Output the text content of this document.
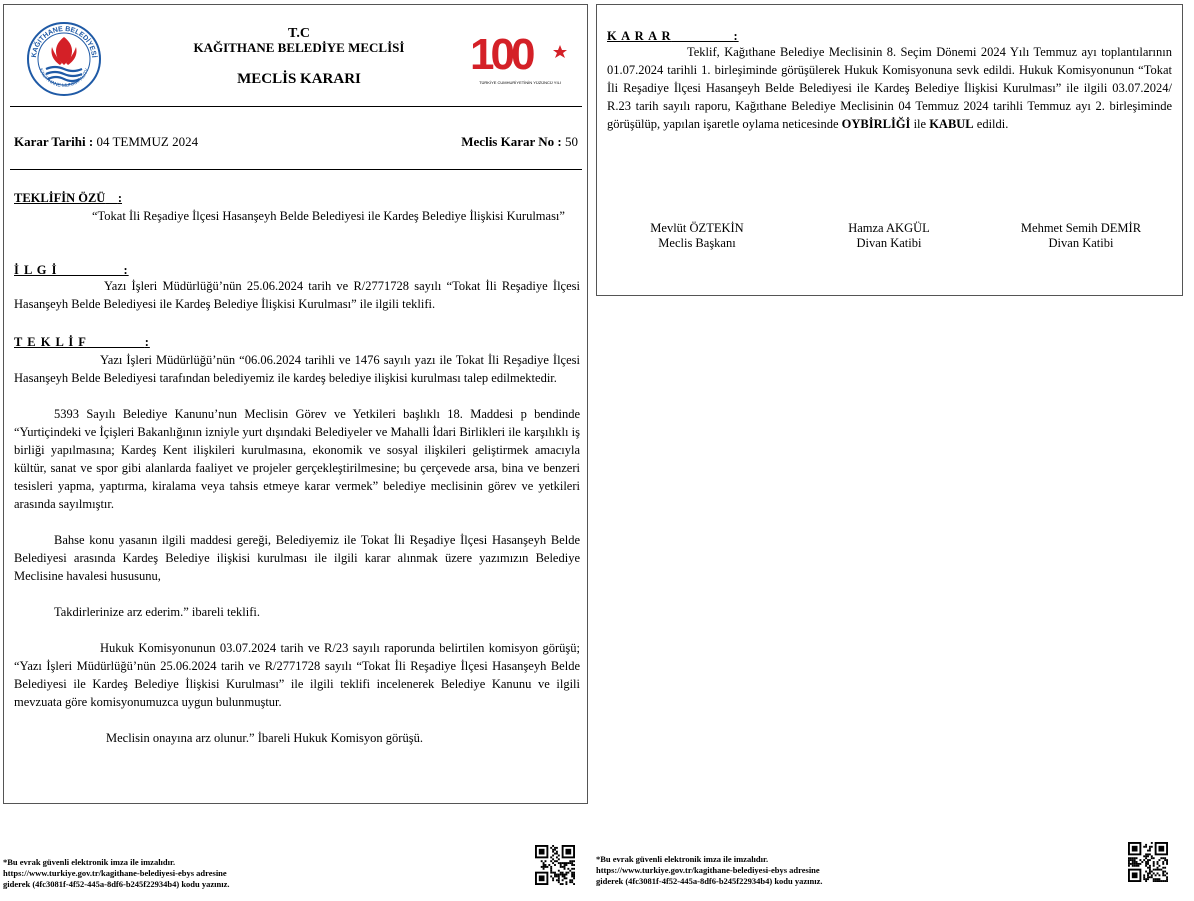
KAĞITHANE BELEDİYESİ
KAĞITHANE MUNICIPALITY
T.C
KAĞITHANE BELEDİYE MECLİSİ
MECLİS KARARI	100
TÜRKİYE CUMHURİYETİNİN YÜZÜNCÜ YILI
Karar Tarihi : 04 TEMMUZ 2024	Meclis Karar No : 50

TEKLİFİN ÖZÜ :

“Tokat İli Reşadiye İlçesi Hasanşeyh Belde Belediyesi ile Kardeş Belediye İlişkisi Kurulması”

İ L G İ	:

Yazı İşleri Müdürlüğü’nün 25.06.2024 tarih ve R/2771728 sayılı “Tokat İli Reşadiye İlçesi Hasanşeyh Belde Belediyesi ile Kardeş Belediye İlişkisi Kurulması” ile ilgili teklifi.

T E K L İ F	:

Yazı İşleri Müdürlüğü’nün “06.06.2024 tarihli ve 1476 sayılı yazı ile Tokat İli Reşadiye İlçesi Hasanşeyh Belde Belediyesi tarafından belediyemiz ile kardeş belediye ilişkisi kurulması talep edilmektedir.

5393 Sayılı Belediye Kanunu’nun Meclisin Görev ve Yetkileri başlıklı 18. Maddesi p bendinde “Yurtiçindeki ve İçişleri Bakanlığının izniyle yurt dışındaki Belediyeler ve Mahalli İdari Birlikleri ile karşılıklı iş birliği yapılmasına; Kardeş Kent ilişkileri kurulmasına, ekonomik ve sosyal ilişkileri geliştirmek amacıyla kültür, sanat ve spor gibi alanlarda faaliyet ve projeler gerçekleştirilmesine; bu çerçevede arsa, bina ve benzeri tesisleri yapma, yaptırma, kiralama veya tahsis etmeye karar vermek” belediye meclisinin görev ve yetkileri arasında sayılmıştır.

Bahse konu yasanın ilgili maddesi gereği, Belediyemiz ile Tokat İli Reşadiye İlçesi Hasanşeyh Belde Belediyesi arasında Kardeş Belediye ilişkisi kurulması ile ilgili karar alınmak üzere yazımızın Belediye Meclisine havalesi hususunu,

Takdirlerinize arz ederim.” ibareli teklifi.

Hukuk Komisyonunun 03.07.2024 tarih ve R/23 sayılı raporunda belirtilen komisyon görüşü; “Yazı İşleri Müdürlüğü’nün 25.06.2024 tarih ve R/2771728 sayılı “Tokat İli Reşadiye İlçesi Hasanşeyh Belde Belediyesi ile Kardeş Belediye İlişkisi Kurulması” ile ilgili teklifi incelenerek Belediye Kanunu ve ilgili mevzuata göre komisyonumuzca uygun bulunmuştur.

Meclisin onayına arz olunur.” İbareli Hukuk Komisyon görüşü.

K A R A R	:

Teklif, Kağıthane Belediye Meclisinin 8. Seçim Dönemi 2024 Yılı Temmuz ayı toplantılarının 01.07.2024 tarihli 1. birleşiminde görüşülerek Hukuk Komisyonuna sevk edildi. Hukuk Komisyonunun “Tokat İli Reşadiye İlçesi Hasanşeyh Belde Belediyesi ile Kardeş Belediye İlişkisi Kurulması” ile ilgili 03.07.2024/ R.23 tarih sayılı raporu, Kağıthane Belediye Meclisinin 04 Temmuz 2024 tarihli Temmuz ayı 2. birleşiminde görüşülüp, yapılan işaretle oylama neticesinde OYBİRLİĞİ ile KABUL edildi.

Mevlüt ÖZTEKİN
Meclis Başkanı
Hamza AKGÜL
Divan Katibi
Mehmet Semih DEMİR
Divan Katibi
*Bu evrak güvenli elektronik imza ile imzalıdır.
https://www.turkiye.gov.tr/kagithane-belediyesi-ebys adresine
giderek (4fc3081f-4f52-445a-8df6-b245f22934b4) kodu yazınız.
*Bu evrak güvenli elektronik imza ile imzalıdır.
https://www.turkiye.gov.tr/kagithane-belediyesi-ebys adresine
giderek (4fc3081f-4f52-445a-8df6-b245f22934b4) kodu yazınız.
